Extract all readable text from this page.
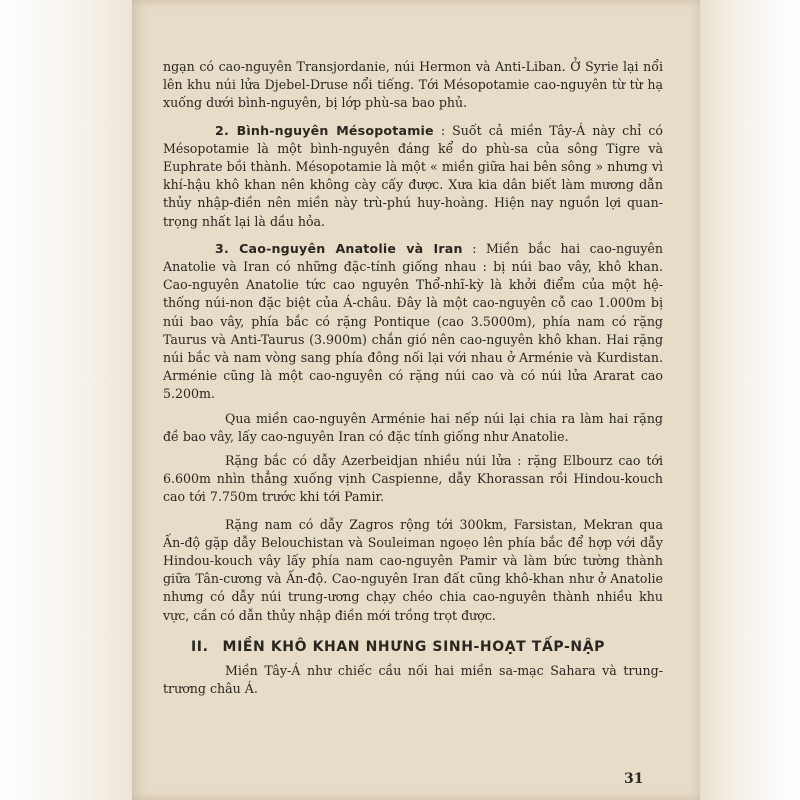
ngạn có cao-nguyên Transjordanie, núi Hermon và Anti-Liban. Ở Syrie lại nổi lên khu núi lửa Djebel-Druse nổi tiếng. Tới Mésopotamie cao-nguyên từ từ hạ xuống dưới bình-nguyên, bị lớp phù-sa bao phủ.

2. Bình-nguyên Mésopotamie : Suốt cả miền Tây-Á này chỉ có Mésopotamie là một bình-nguyên đáng kể do phù-sa của sông Tigre và Euphrate bồi thành. Mésopotamie là một « miền giữa hai bên sông » nhưng vì khí-hậu khô khan nên không cày cấy được. Xưa kia dân biết làm mương dẫn thủy nhập-điền nên miền này trù-phú huy-hoàng. Hiện nay nguồn lợi quan-trọng nhất lại là dầu hỏa.

3. Cao-nguyên Anatolie và Iran : Miền bắc hai cao-nguyên Anatolie và Iran có những đặc-tính giống nhau : bị núi bao vây, khô khan. Cao-nguyên Anatolie tức cao nguyên Thổ-nhĩ-kỳ là khởi điểm của một hệ-thống núi-non đặc biệt của Á-châu. Đây là một cao-nguyên cỗ cao 1.000m bị núi bao vây, phía bắc có rặng Pontique (cao 3.5000m), phía nam có rặng Taurus và Anti-Taurus (3.900m) chắn gió nên cao-nguyên khô khan. Hai rặng núi bắc và nam vòng sang phía đông nối lại với nhau ở Arménie và Kurdistan. Arménie cũng là một cao-nguyên có rặng núi cao và có núi lửa Ararat cao 5.200m.

Qua miền cao-nguyên Arménie hai nếp núi lại chia ra làm hai rặng đề bao vây, lấy cao-nguyên Iran có đặc tính giống như Anatolie.

Rặng bắc có dẫy Azerbeidjan nhiều núi lửa : rặng Elbourz cao tới 6.600m nhìn thẳng xuống vịnh Caspienne, dẫy Khorassan rồi Hindou-kouch cao tới 7.750m trước khi tới Pamir.

Rặng nam có dẫy Zagros rộng tới 300km, Farsistan, Mekran qua Ấn-độ gặp dẫy Belouchistan và Souleiman ngoẹo lên phía bắc để hợp với dẫy Hindou-kouch vây lấy phía nam cao-nguyên Pamir và làm bức tường thành giữa Tân-cương và Ấn-độ. Cao-nguyên Iran đất cũng khô-khan như ở Anatolie nhưng có dẫy núi trung-ương chạy chéo chia cao-nguyên thành nhiều khu vực, cần có dẫn thủy nhập điền mới trồng trọt được.

II. MIỀN KHÔ KHAN NHƯNG SINH-HOẠT TẤP-NẬP

Miền Tây-Á như chiếc cầu nối hai miền sa-mạc Sahara và trung-trương châu Á.

31
